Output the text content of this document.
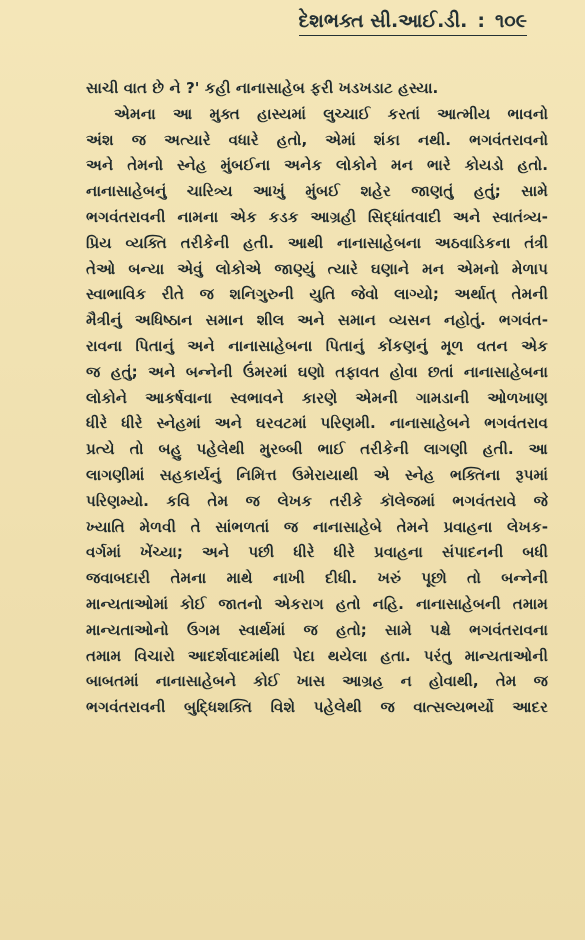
દેશભક્ત સી.આઈ.ડી. : ૧૦૯
સાચી વાત છે ને ?' કહી નાનાસાહેબ ફરી ખડખડાટ હસ્યા.
એમના આ મુક્ત હાસ્યમાં લુચ્ચાઈ કરતાં આત્મીય ભાવનો
અંશ જ અત્યારે વધારે હતો, એમાં શંકા નથી. ભગવંતરાવનો
અને તેમનો સ્નેહ મુંબઈના અનેક લોકોને મન ભારે કોયડો હતો.
નાનાસાહેબનું ચારિત્ર્ય આખું મુંબઈ શહેર જાણતું હતું; સામે
ભગવંતરાવની નામના એક કડક આગ્રહી સિદ્ધાંતવાદી અને સ્વાતંત્ર્ય-
પ્રિય વ્યક્તિ તરીકેની હતી. આથી નાનાસાહેબના અઠવાડિકના તંત્રી
તેઓ બન્યા એવું લોકોએ જાણ્યું ત્યારે ઘણાને મન એમનો મેળાપ
સ્વાભાવિક રીતે જ શનિગુરુની યુતિ જેવો લાગ્યો; અર્થાત્ તેમની
મૈત્રીનું અધિષ્ઠાન સમાન શીલ અને સમાન વ્યસન નહોતું. ભગવંત-
રાવના પિતાનું અને નાનાસાહેબના પિતાનું કોંકણનું મૂળ વતન એક
જ હતું; અને બન્નેની ઉંમરમાં ઘણો તફાવત હોવા છતાં નાનાસાહેબના
લોકોને આકર્ષવાના સ્વભાવને કારણે એમની ગામડાની ઓળખાણ
ધીરે ધીરે સ્નેહમાં અને ઘરવટમાં પરિણમી. નાનાસાહેબને ભગવંતરાવ
પ્રત્યે તો બહુ પહેલેથી મુરબ્બી ભાઈ તરીકેની લાગણી હતી. આ
લાગણીમાં સહકાર્યનું નિમિત્ત ઉમેરાયાથી એ સ્નેહ ભક્તિના રૂપમાં
પરિણમ્યો. કવિ તેમ જ લેખક તરીકે કૉલેજમાં ભગવંતરાવે જે
ખ્યાતિ મેળવી તે સાંભળતાં જ નાનાસાહેબે તેમને પ્રવાહના લેખક-
વર્ગમાં ખેંચ્યા; અને પછી ધીરે ધીરે પ્રવાહના સંપાદનની બધી
જવાબદારી તેમના માથે નાખી દીધી. ખરું પૂછો તો બન્નેની
માન્યતાઓમાં કોઈ જાતનો એકરાગ હતો નહિ. નાનાસાહેબની તમામ
માન્યતાઓનો ઉગમ સ્વાર્થમાં જ હતો; સામે પક્ષે ભગવંતરાવના
તમામ વિચારો આદર્શવાદમાંથી પેદા થયેલા હતા. પરંતુ માન્યતાઓની
બાબતમાં નાનાસાહેબને કોઈ ખાસ આગ્રહ ન હોવાથી, તેમ જ
ભગવંતરાવની બુદ્ધિશક્તિ વિશે પહેલેથી જ વાત્સલ્યભર્યો આદર
